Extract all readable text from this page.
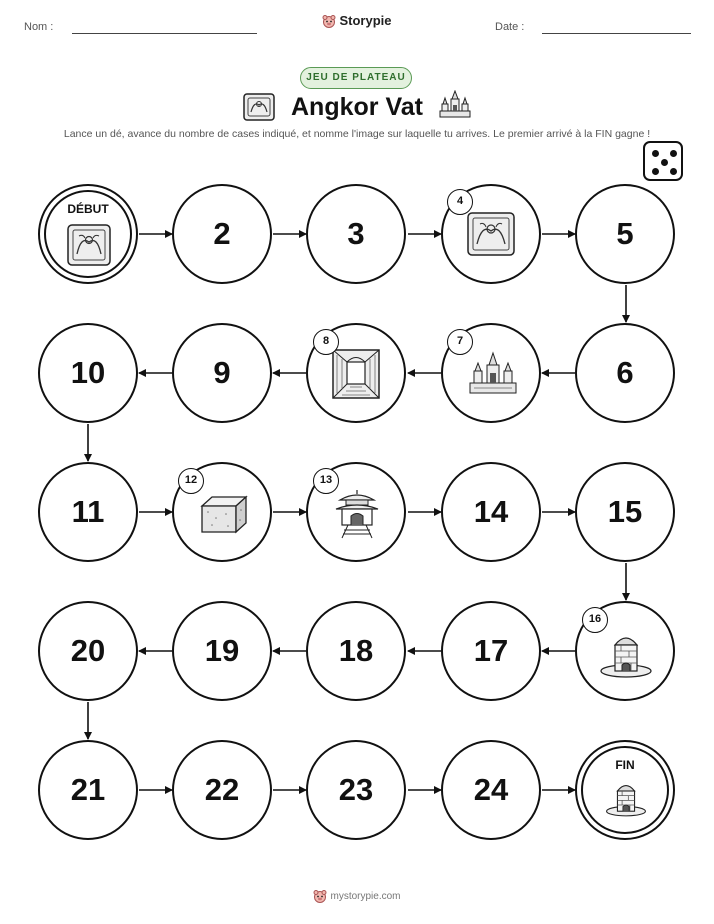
Nom :	Storypie	Date :
JEU DE PLATEAU
Angkor Vat
Lance un dé, avance du nombre de cases indiqué, et nomme l'image sur laquelle tu arrives. Le premier arrivé à la FIN gagne !
DÉBUT
2	3	5
10	9	6
11	14	15
20	19	18	17
21	22	23	24
FIN
4
7
8
12	13
16
mystorypie.com
